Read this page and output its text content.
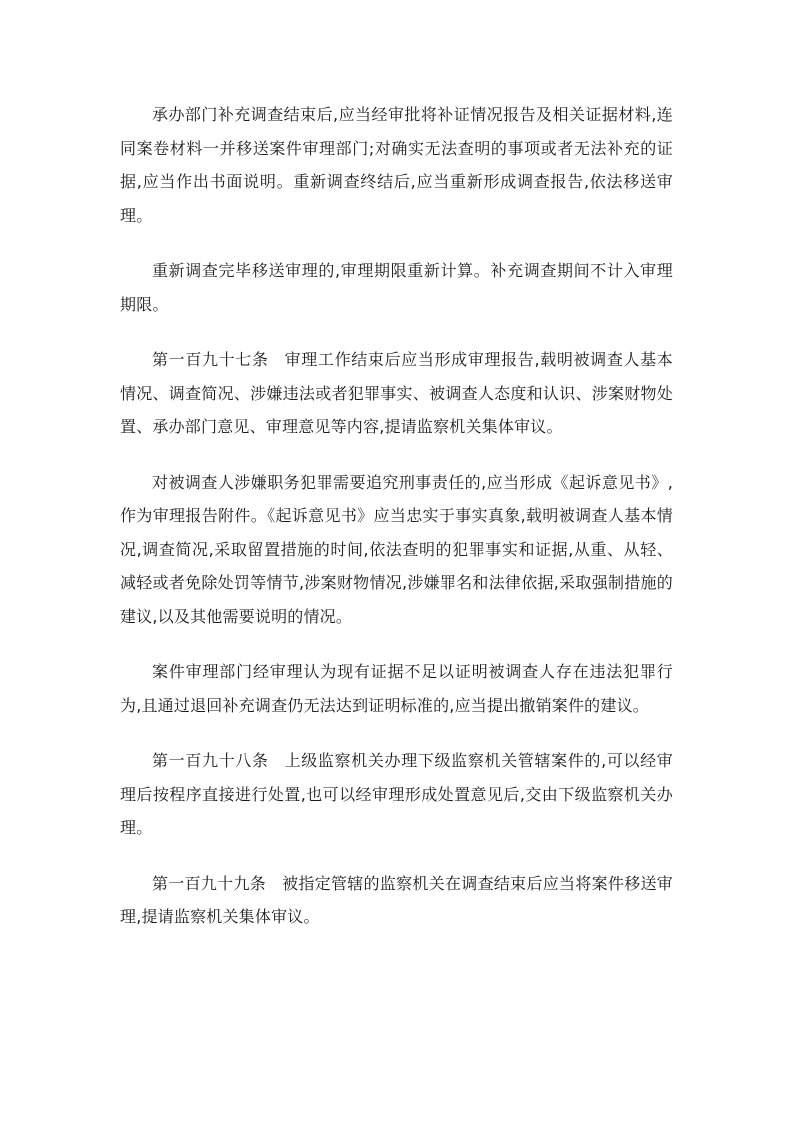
承办部门补充调查结束后,应当经审批将补证情况报告及相关证据材料,连同案卷材料一并移送案件审理部门;对确实无法查明的事项或者无法补充的证据,应当作出书面说明。重新调查终结后,应当重新形成调查报告,依法移送审理。

重新调查完毕移送审理的,审理期限重新计算。补充调查期间不计入审理期限。

第一百九十七条 审理工作结束后应当形成审理报告,载明被调查人基本情况、调查简况、涉嫌违法或者犯罪事实、被调查人态度和认识、涉案财物处置、承办部门意见、审理意见等内容,提请监察机关集体审议。

对被调查人涉嫌职务犯罪需要追究刑事责任的,应当形成《起诉意见书》,作为审理报告附件。《起诉意见书》应当忠实于事实真象,载明被调查人基本情况,调查简况,采取留置措施的时间,依法查明的犯罪事实和证据,从重、从轻、减轻或者免除处罚等情节,涉案财物情况,涉嫌罪名和法律依据,采取强制措施的建议,以及其他需要说明的情况。

案件审理部门经审理认为现有证据不足以证明被调查人存在违法犯罪行为,且通过退回补充调查仍无法达到证明标准的,应当提出撤销案件的建议。

第一百九十八条 上级监察机关办理下级监察机关管辖案件的,可以经审理后按程序直接进行处置,也可以经审理形成处置意见后,交由下级监察机关办理。

第一百九十九条 被指定管辖的监察机关在调查结束后应当将案件移送审理,提请监察机关集体审议。
